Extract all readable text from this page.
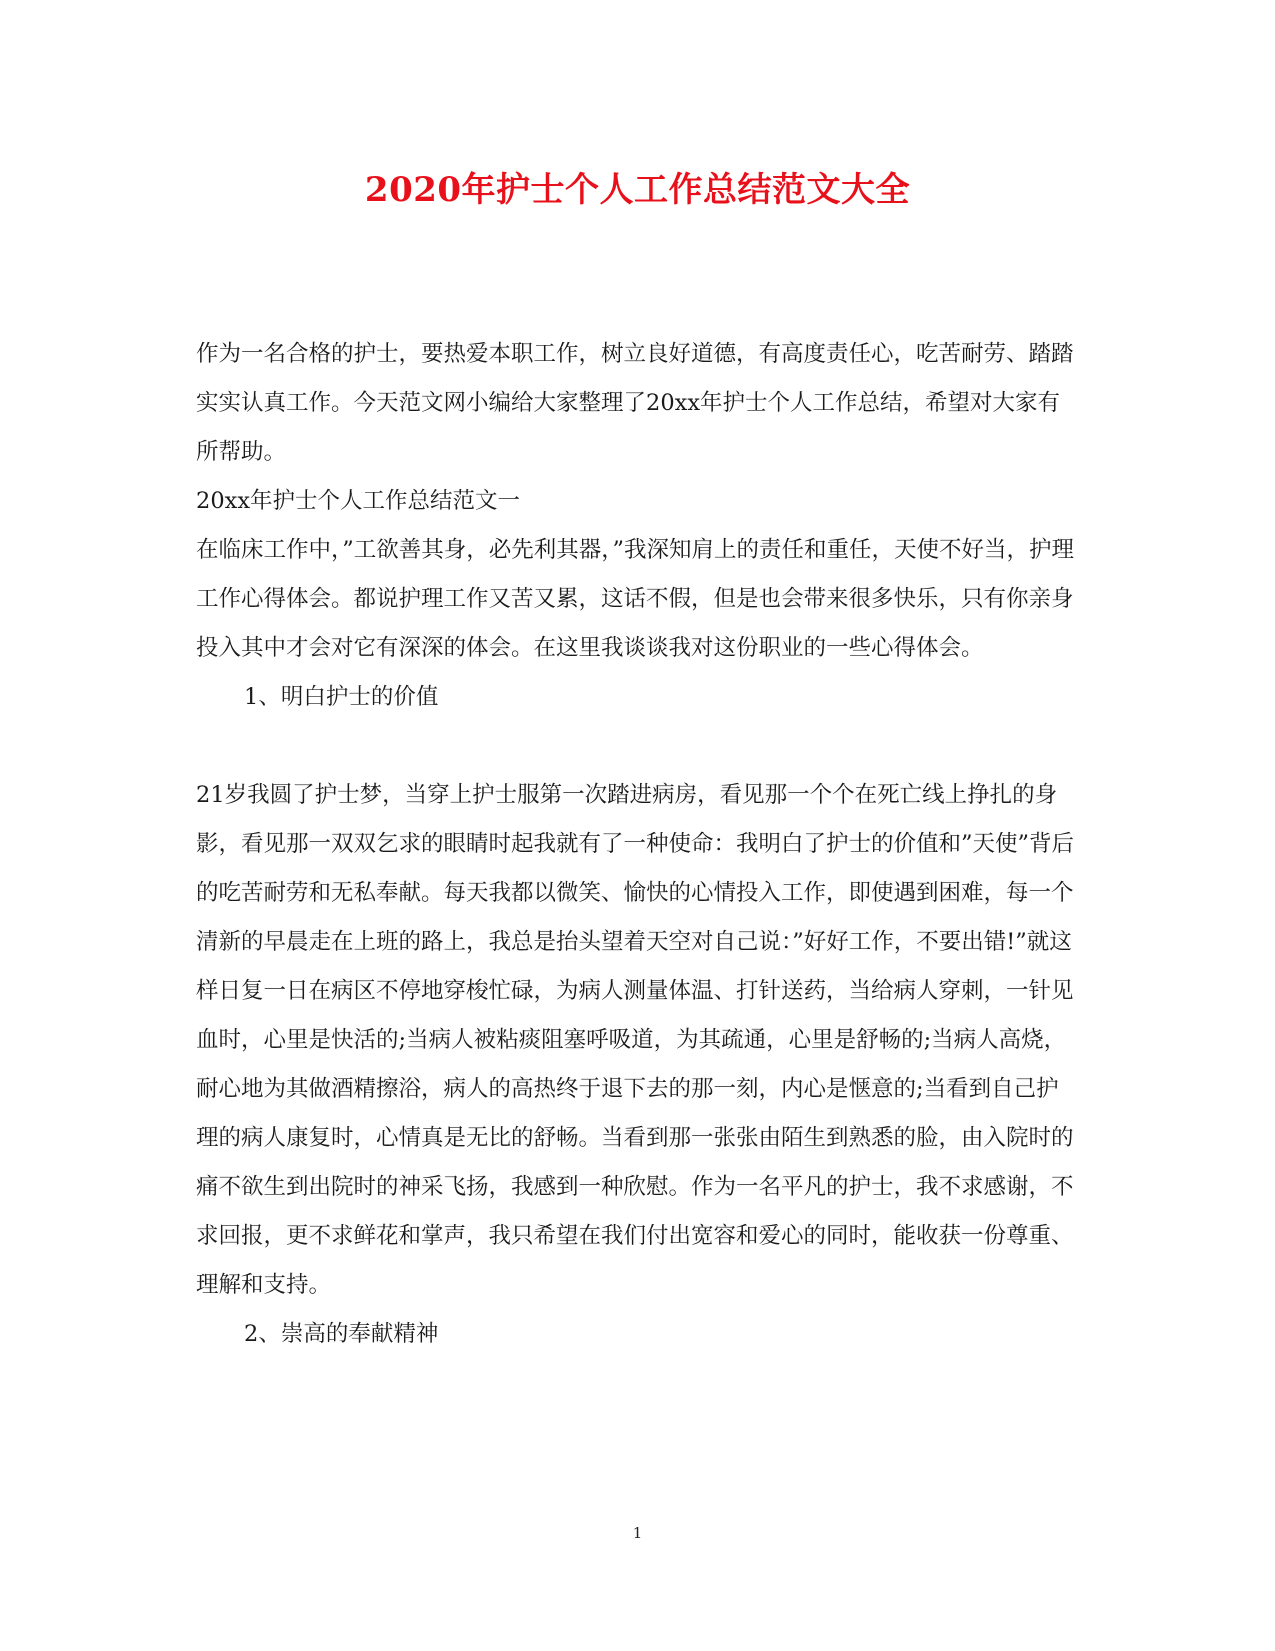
2020年护士个人工作总结范文大全

作为一名合格的护士，要热爱本职工作，树立良好道德，有高度责任心，吃苦耐劳、踏踏实实认真工作。今天范文网小编给大家整理了20xx年护士个人工作总结，希望对大家有所帮助。

20xx年护士个人工作总结范文一

在临床工作中，”工欲善其身，必先利其器，”我深知肩上的责任和重任，天使不好当，护理工作心得体会。都说护理工作又苦又累，这话不假，但是也会带来很多快乐，只有你亲身投入其中才会对它有深深的体会。在这里我谈谈我对这份职业的一些心得体会。

1、明白护士的价值

21岁我圆了护士梦，当穿上护士服第一次踏进病房，看见那一个个在死亡线上挣扎的身影，看见那一双双乞求的眼睛时起我就有了一种使命：我明白了护士的价值和”天使”背后的吃苦耐劳和无私奉献。每天我都以微笑、愉快的心情投入工作，即使遇到困难，每一个清新的早晨走在上班的路上，我总是抬头望着天空对自己说：”好好工作，不要出错!”就这样日复一日在病区不停地穿梭忙碌，为病人测量体温、打针送药，当给病人穿刺，一针见血时，心里是快活的;当病人被粘痰阻塞呼吸道，为其疏通，心里是舒畅的;当病人高烧，耐心地为其做酒精擦浴，病人的高热终于退下去的那一刻，内心是惬意的;当看到自己护理的病人康复时，心情真是无比的舒畅。当看到那一张张由陌生到熟悉的脸，由入院时的痛不欲生到出院时的神采飞扬，我感到一种欣慰。作为一名平凡的护士，我不求感谢，不求回报，更不求鲜花和掌声，我只希望在我们付出宽容和爱心的同时，能收获一份尊重、理解和支持。

2、崇高的奉献精神

1
